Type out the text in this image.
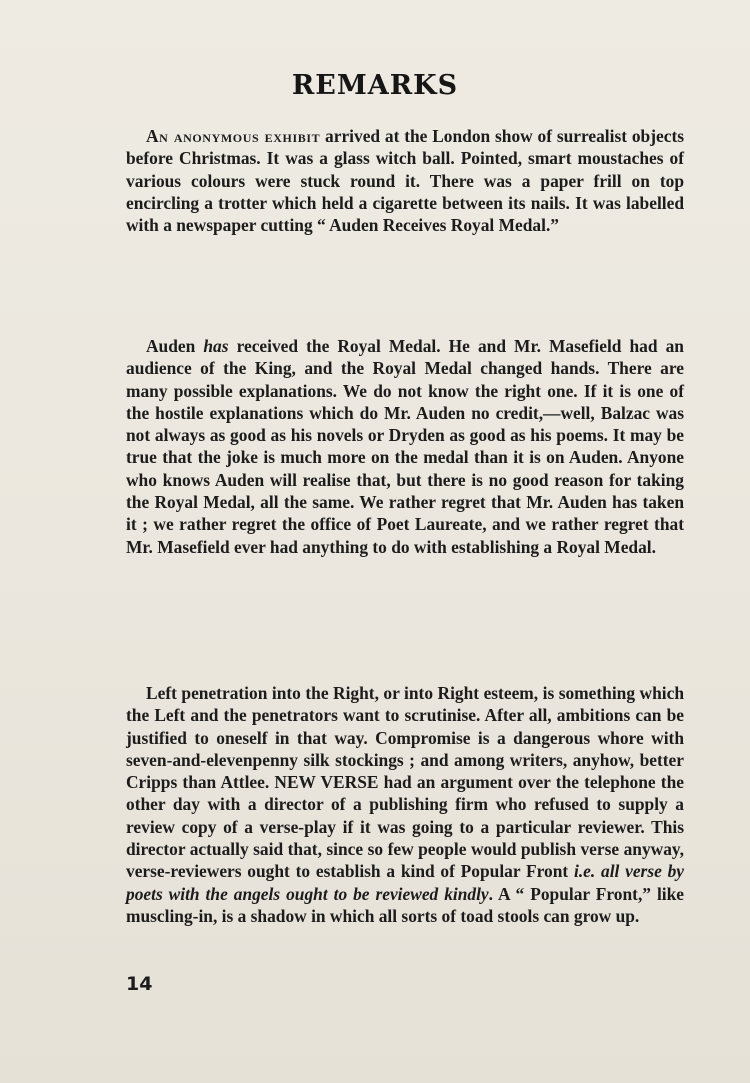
REMARKS

An anonymous exhibit arrived at the London show of surrealist objects before Christmas. It was a glass witch ball. Pointed, smart moustaches of various colours were stuck round it. There was a paper frill on top encircling a trotter which held a cigarette between its nails. It was labelled with a newspaper cutting “ Auden Receives Royal Medal.”

Auden has received the Royal Medal. He and Mr. Masefield had an audience of the King, and the Royal Medal changed hands. There are many possible explanations. We do not know the right one. If it is one of the hostile explanations which do Mr. Auden no credit,—well, Balzac was not always as good as his novels or Dryden as good as his poems. It may be true that the joke is much more on the medal than it is on Auden. Anyone who knows Auden will realise that, but there is no good reason for taking the Royal Medal, all the same. We rather regret that Mr. Auden has taken it ; we rather regret the office of Poet Laureate, and we rather regret that Mr. Masefield ever had anything to do with establishing a Royal Medal.

Left penetration into the Right, or into Right esteem, is something which the Left and the penetrators want to scrutinise. After all, ambitions can be justified to oneself in that way. Compromise is a dangerous whore with seven-and-elevenpenny silk stockings ; and among writers, anyhow, better Cripps than Attlee. NEW VERSE had an argument over the telephone the other day with a director of a publishing firm who refused to supply a review copy of a verse-play if it was going to a particular reviewer. This director actually said that, since so few people would publish verse anyway, verse-reviewers ought to establish a kind of Popular Front i.e. all verse by poets with the angels ought to be reviewed kindly. A “ Popular Front,” like muscling-in, is a shadow in which all sorts of toad stools can grow up.

14
